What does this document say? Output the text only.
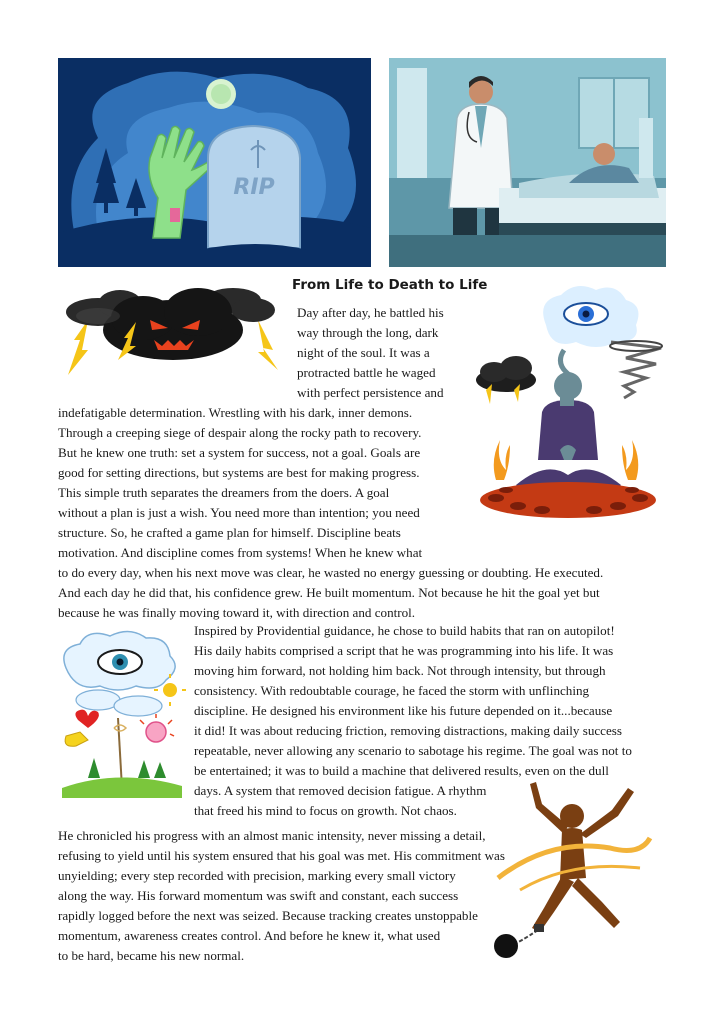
RIP
From Life to Death to Life
Day after day, he battled his
way through the long, dark
night of the soul. It was a
protracted battle he waged
with perfect persistence and
indefatigable determination. Wrestling with his dark, inner demons.
Through a creeping siege of despair along the rocky path to recovery.
But he knew one truth: set a system for success, not a goal. Goals are
good for setting directions, but systems are best for making progress.
This simple truth separates the dreamers from the doers. A goal
without a plan is just a wish. You need more than intention; you need
structure. So, he crafted a game plan for himself. Discipline beats
motivation. And discipline comes from systems! When he knew what
to do every day, when his next move was clear, he wasted no energy guessing or doubting. He executed.
And each day he did that, his confidence grew. He built momentum. Not because he hit the goal yet but
because he was finally moving toward it, with direction and control.
Inspired by Providential guidance, he chose to build habits that ran on autopilot!
His daily habits comprised a script that he was programming into his life. It was
moving him forward, not holding him back. Not through intensity, but through
consistency. With redoubtable courage, he faced the storm with unflinching
discipline. He designed his environment like his future depended on it...because
it did! It was about reducing friction, removing distractions, making daily success
repeatable, never allowing any scenario to sabotage his regime. The goal was not to
be entertained; it was to build a machine that delivered results, even on the dull
days. A system that removed decision fatigue. A rhythm
that freed his mind to focus on growth. Not chaos.
He chronicled his progress with an almost manic intensity, never missing a detail,
refusing to yield until his system ensured that his goal was met. His commitment was
unyielding; every step recorded with precision, marking every small victory
along the way. His forward momentum was swift and constant, each success
rapidly logged before the next was seized. Because tracking creates unstoppable
momentum, awareness creates control. And before he knew it, what used
to be hard, became his new normal.
